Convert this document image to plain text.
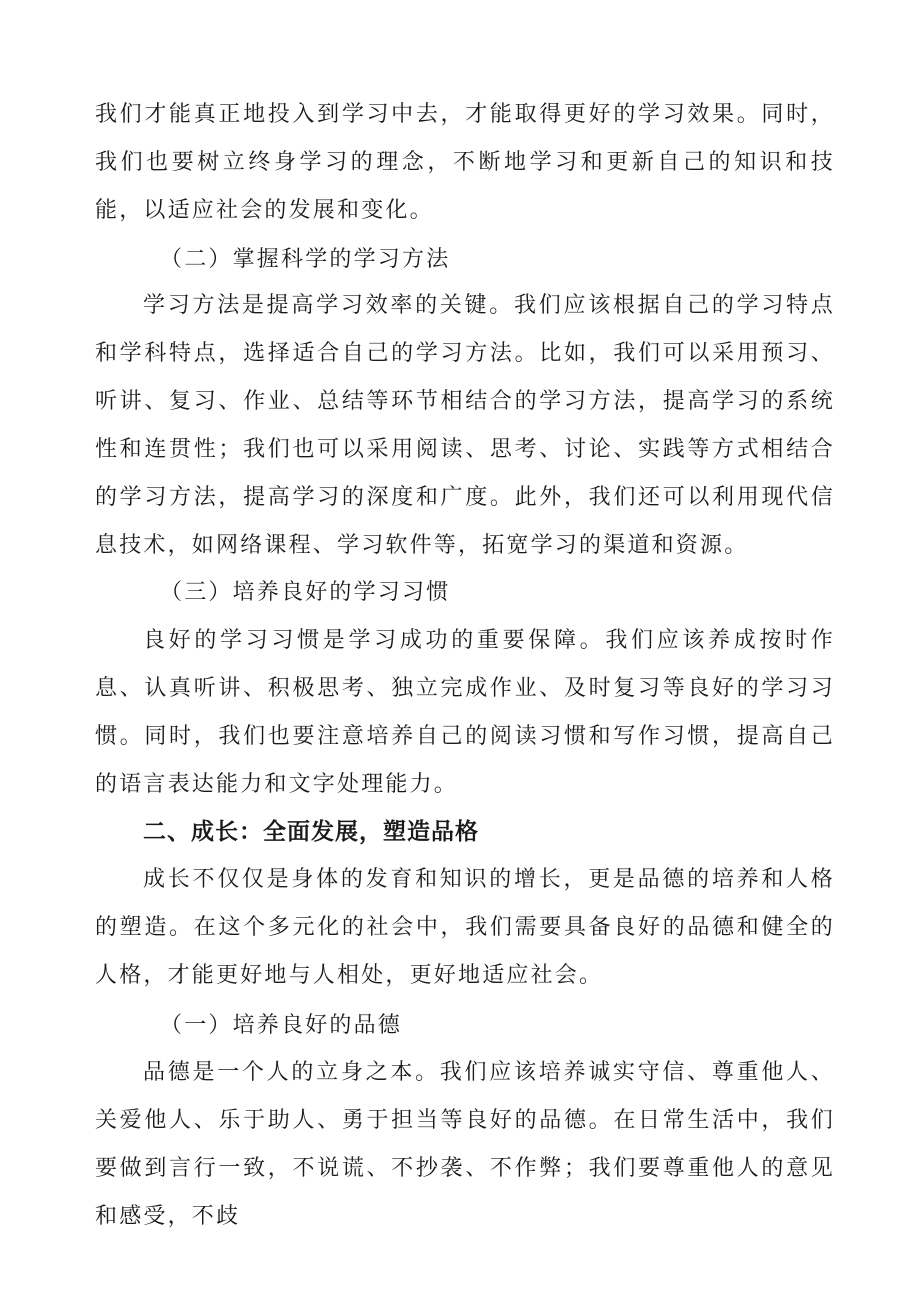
我们才能真正地投入到学习中去，才能取得更好的学习效果。同时，我们也要树立终身学习的理念，不断地学习和更新自己的知识和技能，以适应社会的发展和变化。

（二）掌握科学的学习方法

学习方法是提高学习效率的关键。我们应该根据自己的学习特点和学科特点，选择适合自己的学习方法。比如，我们可以采用预习、听讲、复习、作业、总结等环节相结合的学习方法，提高学习的系统性和连贯性；我们也可以采用阅读、思考、讨论、实践等方式相结合的学习方法，提高学习的深度和广度。此外，我们还可以利用现代信息技术，如网络课程、学习软件等，拓宽学习的渠道和资源。

（三）培养良好的学习习惯

良好的学习习惯是学习成功的重要保障。我们应该养成按时作息、认真听讲、积极思考、独立完成作业、及时复习等良好的学习习惯。同时，我们也要注意培养自己的阅读习惯和写作习惯，提高自己的语言表达能力和文字处理能力。

二、成长：全面发展，塑造品格

成长不仅仅是身体的发育和知识的增长，更是品德的培养和人格的塑造。在这个多元化的社会中，我们需要具备良好的品德和健全的人格，才能更好地与人相处，更好地适应社会。

（一）培养良好的品德

品德是一个人的立身之本。我们应该培养诚实守信、尊重他人、关爱他人、乐于助人、勇于担当等良好的品德。在日常生活中，我们要做到言行一致，不说谎、不抄袭、不作弊；我们要尊重他人的意见和感受，不歧
